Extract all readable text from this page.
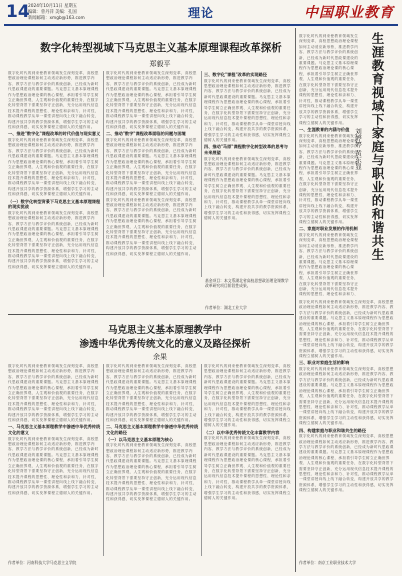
14
2024年10月11日 星期五
编辑：曾丹萍 美编：孔国
新闻邮箱：xmgb@163.com	理论	中国职业教育
数字化转型视域下马克思主义基本原理课程改革探析
郑毅平
数字化时代的到来使教育领域发生深刻变革，高校思想政治理论课程如何主动适应新形势，推进教学内容、教学方法与教学评价的系统创新，已经成为新时代思政课建设的重要课题。马克思主义基本原理课程作为思想政治理论课的核心课程，承担着引导学生树立正确世界观、人生观和价值观的重要任务，在数字化转型背景下需要坚持守正创新，充分运用现代信息技术提升课程的思想性、理论性和亲和力、针对性，推动课程教学从单一课堂讲授向线上线下融合转变，构建开放共享的教学资源体系，增强学生学习的主动性和获得感，切实发挥课程立德树人的关键作用。
一、推进"数字化"课程改革的时代价值与现实意义
数字化时代的到来使教育领域发生深刻变革，高校思想政治理论课程如何主动适应新形势，推进教学内容、教学方法与教学评价的系统创新，已经成为新时代思政课建设的重要课题。马克思主义基本原理课程作为思想政治理论课的核心课程，承担着引导学生树立正确世界观、人生观和价值观的重要任务，在数字化转型背景下需要坚持守正创新，充分运用现代信息技术提升课程的思想性、理论性和亲和力、针对性，推动课程教学从单一课堂讲授向线上线下融合转变，构建开放共享的教学资源体系，增强学生学习的主动性和获得感，切实发挥课程立德树人的关键作用。
（一）数字化转型背景下马克思主义基本原理课程的现实挑战
数字化时代的到来使教育领域发生深刻变革，高校思想政治理论课程如何主动适应新形势，推进教学内容、教学方法与教学评价的系统创新，已经成为新时代思政课建设的重要课题。马克思主义基本原理课程作为思想政治理论课的核心课程，承担着引导学生树立正确世界观、人生观和价值观的重要任务，在数字化转型背景下需要坚持守正创新，充分运用现代信息技术提升课程的思想性、理论性和亲和力、针对性，推动课程教学从单一课堂讲授向线上线下融合转变，构建开放共享的教学资源体系，增强学生学习的主动性和获得感，切实发挥课程立德树人的关键作用。
数字化时代的到来使教育领域发生深刻变革，高校思想政治理论课程如何主动适应新形势，推进教学内容、教学方法与教学评价的系统创新，已经成为新时代思政课建设的重要课题。马克思主义基本原理课程作为思想政治理论课的核心课程，承担着引导学生树立正确世界观、人生观和价值观的重要任务，在数字化转型背景下需要坚持守正创新，充分运用现代信息技术提升课程的思想性、理论性和亲和力、针对性，推动课程教学从单一课堂讲授向线上线下融合转变，构建开放共享的教学资源体系，增强学生学习的主动性和获得感，切实发挥课程立德树人的关键作用。
二、推动"数字"课程改革面临的问题与困境
数字化时代的到来使教育领域发生深刻变革，高校思想政治理论课程如何主动适应新形势，推进教学内容、教学方法与教学评价的系统创新，已经成为新时代思政课建设的重要课题。马克思主义基本原理课程作为思想政治理论课的核心课程，承担着引导学生树立正确世界观、人生观和价值观的重要任务，在数字化转型背景下需要坚持守正创新，充分运用现代信息技术提升课程的思想性、理论性和亲和力、针对性，推动课程教学从单一课堂讲授向线上线下融合转变，构建开放共享的教学资源体系，增强学生学习的主动性和获得感，切实发挥课程立德树人的关键作用。
数字化时代的到来使教育领域发生深刻变革，高校思想政治理论课程如何主动适应新形势，推进教学内容、教学方法与教学评价的系统创新，已经成为新时代思政课建设的重要课题。马克思主义基本原理课程作为思想政治理论课的核心课程，承担着引导学生树立正确世界观、人生观和价值观的重要任务，在数字化转型背景下需要坚持守正创新，充分运用现代信息技术提升课程的思想性、理论性和亲和力、针对性，推动课程教学从单一课堂讲授向线上线下融合转变，构建开放共享的教学资源体系，增强学生学习的主动性和获得感，切实发挥课程立德树人的关键作用。
三、数字化"课程"改革的实现路径
数字化时代的到来使教育领域发生深刻变革，高校思想政治理论课程如何主动适应新形势，推进教学内容、教学方法与教学评价的系统创新，已经成为新时代思政课建设的重要课题。马克思主义基本原理课程作为思想政治理论课的核心课程，承担着引导学生树立正确世界观、人生观和价值观的重要任务，在数字化转型背景下需要坚持守正创新，充分运用现代信息技术提升课程的思想性、理论性和亲和力、针对性，推动课程教学从单一课堂讲授向线上线下融合转变，构建开放共享的教学资源体系，增强学生学习的主动性和获得感，切实发挥课程立德树人的关键作用。
四、推动"马原"课程数字化转型改革的思考与未来展望
数字化时代的到来使教育领域发生深刻变革，高校思想政治理论课程如何主动适应新形势，推进教学内容、教学方法与教学评价的系统创新，已经成为新时代思政课建设的重要课题。马克思主义基本原理课程作为思想政治理论课的核心课程，承担着引导学生树立正确世界观、人生观和价值观的重要任务，在数字化转型背景下需要坚持守正创新，充分运用现代信息技术提升课程的思想性、理论性和亲和力、针对性，推动课程教学从单一课堂讲授向线上线下融合转变，构建开放共享的教学资源体系，增强学生学习的主动性和获得感，切实发挥课程立德树人的关键作用。
基金项目：本文系湖北省高校思想政治理论课教学改革研究项目阶段性成果。
作者单位：湖北工业大学
马克思主义基本原理教学中
渗透中华优秀传统文化的意义及路径探析
余果
数字化时代的到来使教育领域发生深刻变革，高校思想政治理论课程如何主动适应新形势，推进教学内容、教学方法与教学评价的系统创新，已经成为新时代思政课建设的重要课题。马克思主义基本原理课程作为思想政治理论课的核心课程，承担着引导学生树立正确世界观、人生观和价值观的重要任务，在数字化转型背景下需要坚持守正创新，充分运用现代信息技术提升课程的思想性、理论性和亲和力、针对性，推动课程教学从单一课堂讲授向线上线下融合转变，构建开放共享的教学资源体系，增强学生学习的主动性和获得感，切实发挥课程立德树人的关键作用。
一、马克思主义基本原理教学中渗透中华优秀传统文化的意义
数字化时代的到来使教育领域发生深刻变革，高校思想政治理论课程如何主动适应新形势，推进教学内容、教学方法与教学评价的系统创新，已经成为新时代思政课建设的重要课题。马克思主义基本原理课程作为思想政治理论课的核心课程，承担着引导学生树立正确世界观、人生观和价值观的重要任务，在数字化转型背景下需要坚持守正创新，充分运用现代信息技术提升课程的思想性、理论性和亲和力、针对性，推动课程教学从单一课堂讲授向线上线下融合转变，构建开放共享的教学资源体系，增强学生学习的主动性和获得感，切实发挥课程立德树人的关键作用。
数字化时代的到来使教育领域发生深刻变革，高校思想政治理论课程如何主动适应新形势，推进教学内容、教学方法与教学评价的系统创新，已经成为新时代思政课建设的重要课题。马克思主义基本原理课程作为思想政治理论课的核心课程，承担着引导学生树立正确世界观、人生观和价值观的重要任务，在数字化转型背景下需要坚持守正创新，充分运用现代信息技术提升课程的思想性、理论性和亲和力、针对性，推动课程教学从单一课堂讲授向线上线下融合转变，构建开放共享的教学资源体系，增强学生学习的主动性和获得感，切实发挥课程立德树人的关键作用。
二、马克思主义基本原理教学中渗透中华优秀传统文化的路径
（一）以马克思主义基本原理为核心
数字化时代的到来使教育领域发生深刻变革，高校思想政治理论课程如何主动适应新形势，推进教学内容、教学方法与教学评价的系统创新，已经成为新时代思政课建设的重要课题。马克思主义基本原理课程作为思想政治理论课的核心课程，承担着引导学生树立正确世界观、人生观和价值观的重要任务，在数字化转型背景下需要坚持守正创新，充分运用现代信息技术提升课程的思想性、理论性和亲和力、针对性，推动课程教学从单一课堂讲授向线上线下融合转变，构建开放共享的教学资源体系，增强学生学习的主动性和获得感，切实发挥课程立德树人的关键作用。
数字化时代的到来使教育领域发生深刻变革，高校思想政治理论课程如何主动适应新形势，推进教学内容、教学方法与教学评价的系统创新，已经成为新时代思政课建设的重要课题。马克思主义基本原理课程作为思想政治理论课的核心课程，承担着引导学生树立正确世界观、人生观和价值观的重要任务，在数字化转型背景下需要坚持守正创新，充分运用现代信息技术提升课程的思想性、理论性和亲和力、针对性，推动课程教学从单一课堂讲授向线上线下融合转变，构建开放共享的教学资源体系，增强学生学习的主动性和获得感，切实发挥课程立德树人的关键作用。
（二）以中华优秀传统文化丰富教学内容
数字化时代的到来使教育领域发生深刻变革，高校思想政治理论课程如何主动适应新形势，推进教学内容、教学方法与教学评价的系统创新，已经成为新时代思政课建设的重要课题。马克思主义基本原理课程作为思想政治理论课的核心课程，承担着引导学生树立正确世界观、人生观和价值观的重要任务，在数字化转型背景下需要坚持守正创新，充分运用现代信息技术提升课程的思想性、理论性和亲和力、针对性，推动课程教学从单一课堂讲授向线上线下融合转变，构建开放共享的教学资源体系，增强学生学习的主动性和获得感，切实发挥课程立德树人的关键作用。
作者单位：河南科技大学马克思主义学院
数字化时代的到来使教育领域发生深刻变革，高校思想政治理论课程如何主动适应新形势，推进教学内容、教学方法与教学评价的系统创新，已经成为新时代思政课建设的重要课题。马克思主义基本原理课程作为思想政治理论课的核心课程，承担着引导学生树立正确世界观、人生观和价值观的重要任务，在数字化转型背景下需要坚持守正创新，充分运用现代信息技术提升课程的思想性、理论性和亲和力、针对性，推动课程教学从单一课堂讲授向线上线下融合转变，构建开放共享的教学资源体系，增强学生学习的主动性和获得感，切实发挥课程立德树人的关键作用。
一、生涯教育的内涵与价值
数字化时代的到来使教育领域发生深刻变革，高校思想政治理论课程如何主动适应新形势，推进教学内容、教学方法与教学评价的系统创新，已经成为新时代思政课建设的重要课题。马克思主义基本原理课程作为思想政治理论课的核心课程，承担着引导学生树立正确世界观、人生观和价值观的重要任务，在数字化转型背景下需要坚持守正创新，充分运用现代信息技术提升课程的思想性、理论性和亲和力、针对性，推动课程教学从单一课堂讲授向线上线下融合转变，构建开放共享的教学资源体系，增强学生学习的主动性和获得感，切实发挥课程立德树人的关键作用。
二、家庭对职业发展的作用机制
数字化时代的到来使教育领域发生深刻变革，高校思想政治理论课程如何主动适应新形势，推进教学内容、教学方法与教学评价的系统创新，已经成为新时代思政课建设的重要课题。马克思主义基本原理课程作为思想政治理论课的核心课程，承担着引导学生树立正确世界观、人生观和价值观的重要任务，在数字化转型背景下需要坚持守正创新，充分运用现代信息技术提升课程的思想性、理论性和亲和力、
生涯教育视域下家庭与职业的和谐共生
刘婷婷 黄东显
数字化时代的到来使教育领域发生深刻变革，高校思想政治理论课程如何主动适应新形势，推进教学内容、教学方法与教学评价的系统创新，已经成为新时代思政课建设的重要课题。马克思主义基本原理课程作为思想政治理论课的核心课程，承担着引导学生树立正确世界观、人生观和价值观的重要任务，在数字化转型背景下需要坚持守正创新，充分运用现代信息技术提升课程的思想性、理论性和亲和力、针对性，推动课程教学从单一课堂讲授向线上线下融合转变，构建开放共享的教学资源体系，增强学生学习的主动性和获得感，切实发挥课程立德树人的关键作用。
三、职业对家庭生活的影响
数字化时代的到来使教育领域发生深刻变革，高校思想政治理论课程如何主动适应新形势，推进教学内容、教学方法与教学评价的系统创新，已经成为新时代思政课建设的重要课题。马克思主义基本原理课程作为思想政治理论课的核心课程，承担着引导学生树立正确世界观、人生观和价值观的重要任务，在数字化转型背景下需要坚持守正创新，充分运用现代信息技术提升课程的思想性、理论性和亲和力、针对性，推动课程教学从单一课堂讲授向线上线下融合转变，构建开放共享的教学资源体系，增强学生学习的主动性和获得感，切实发挥课程立德树人的关键作用。
四、构建家庭与职业和谐共生的路径
数字化时代的到来使教育领域发生深刻变革，高校思想政治理论课程如何主动适应新形势，推进教学内容、教学方法与教学评价的系统创新，已经成为新时代思政课建设的重要课题。马克思主义基本原理课程作为思想政治理论课的核心课程，承担着引导学生树立正确世界观、人生观和价值观的重要任务，在数字化转型背景下需要坚持守正创新，充分运用现代信息技术提升课程的思想性、理论性和亲和力、针对性，推动课程教学从单一课堂讲授向线上线下融合转变，构建开放共享的教学资源体系，增强学生学习的主动性和获得感，切实发挥课程立德树人的关键作用。
作者单位：南京工业职业技术大学
